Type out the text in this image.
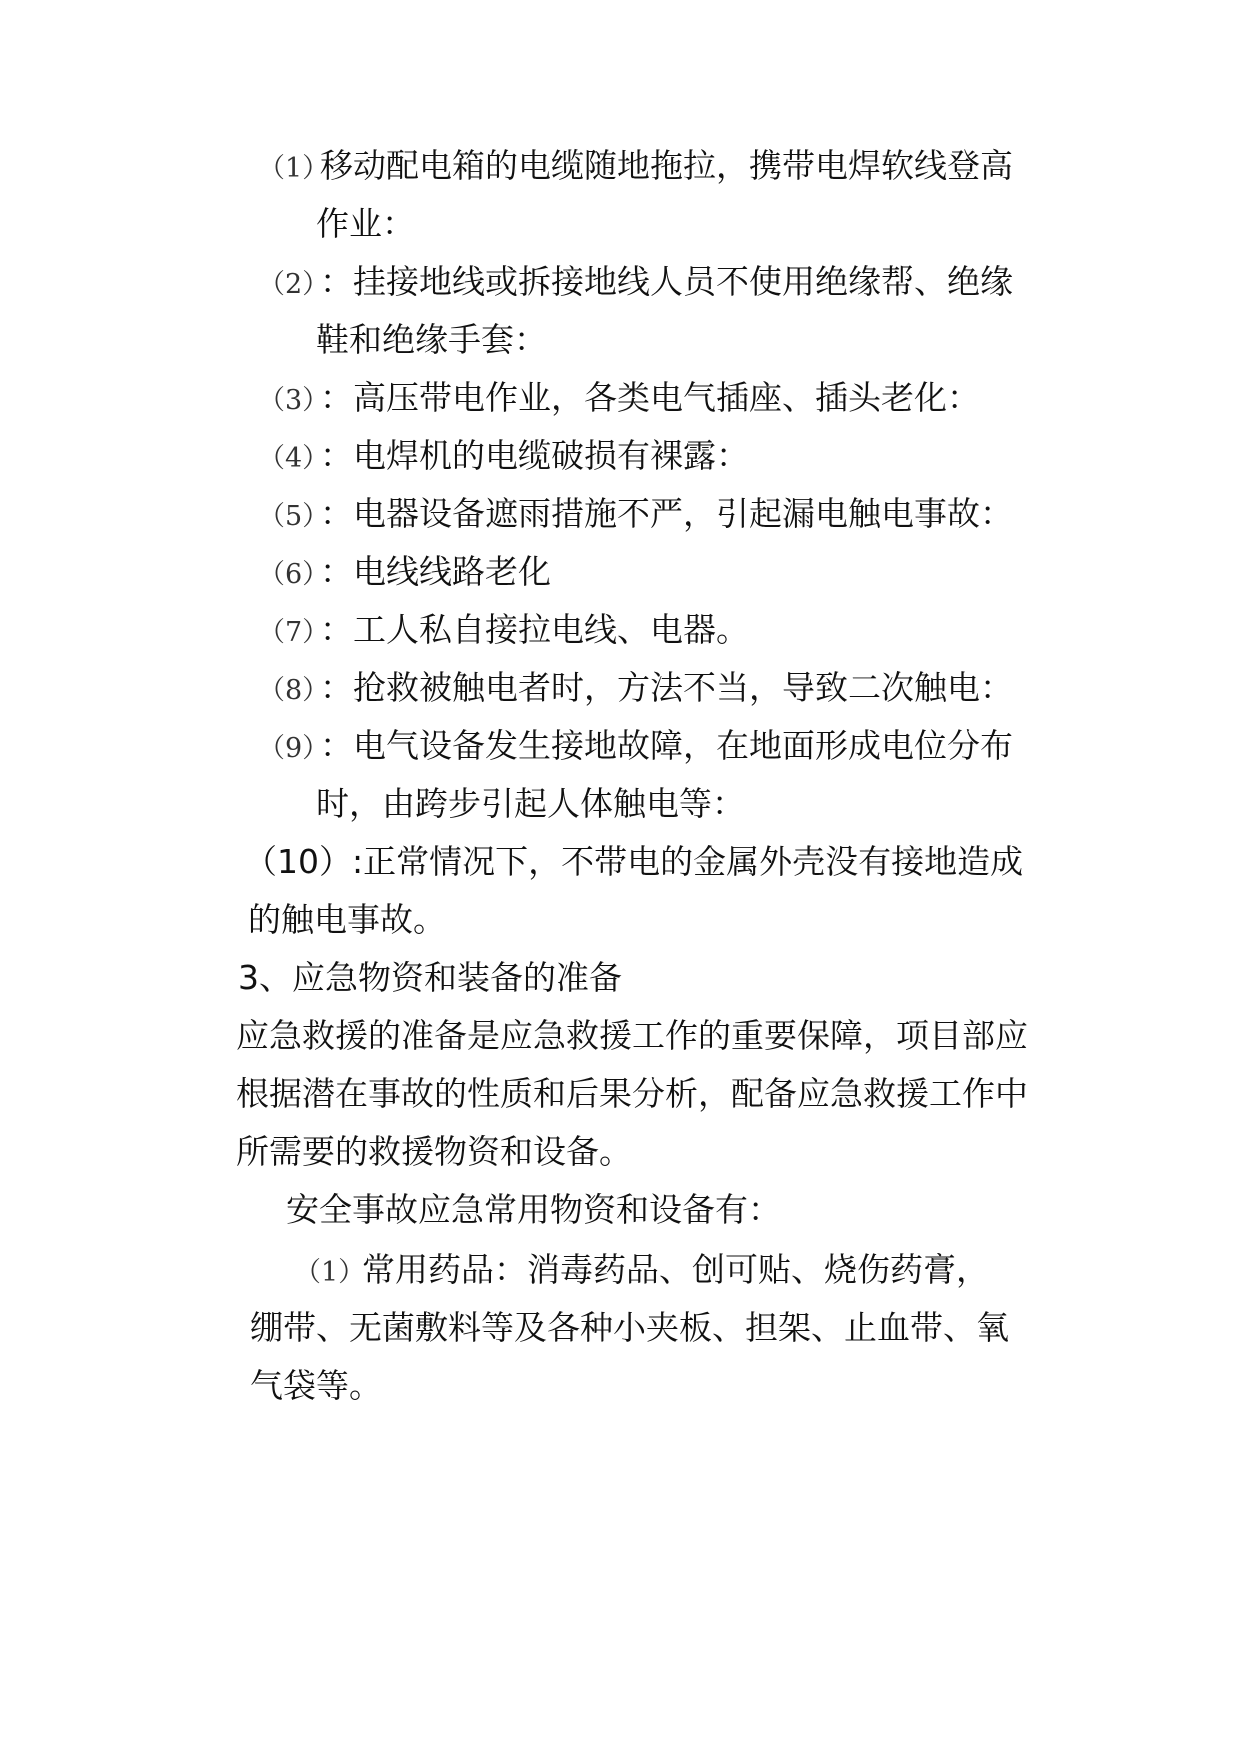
（1）移动配电箱的电缆随地拖拉，携带电焊软线登高
作业：
（2）：挂接地线或拆接地线人员不使用绝缘帮、绝缘
鞋和绝缘手套：
（3）：高压带电作业，各类电气插座、插头老化：
（4）：电焊机的电缆破损有裸露：
（5）：电器设备遮雨措施不严，引起漏电触电事故：
（6）：电线线路老化
（7）：工人私自接拉电线、电器。
（8）：抢救被触电者时，方法不当，导致二次触电：
（9）：电气设备发生接地故障，在地面形成电位分布
时，由跨步引起人体触电等：
（10）:正常情况下，不带电的金属外壳没有接地造成
的触电事故。
3、应急物资和装备的准备
应急救援的准备是应急救援工作的重要保障，项目部应
根据潜在事故的性质和后果分析，配备应急救援工作中
所需要的救援物资和设备。
安全事故应急常用物资和设备有：
（1）常用药品：消毒药品、创可贴、烧伤药膏，
绷带、无菌敷料等及各种小夹板、担架、止血带、氧
气袋等。
